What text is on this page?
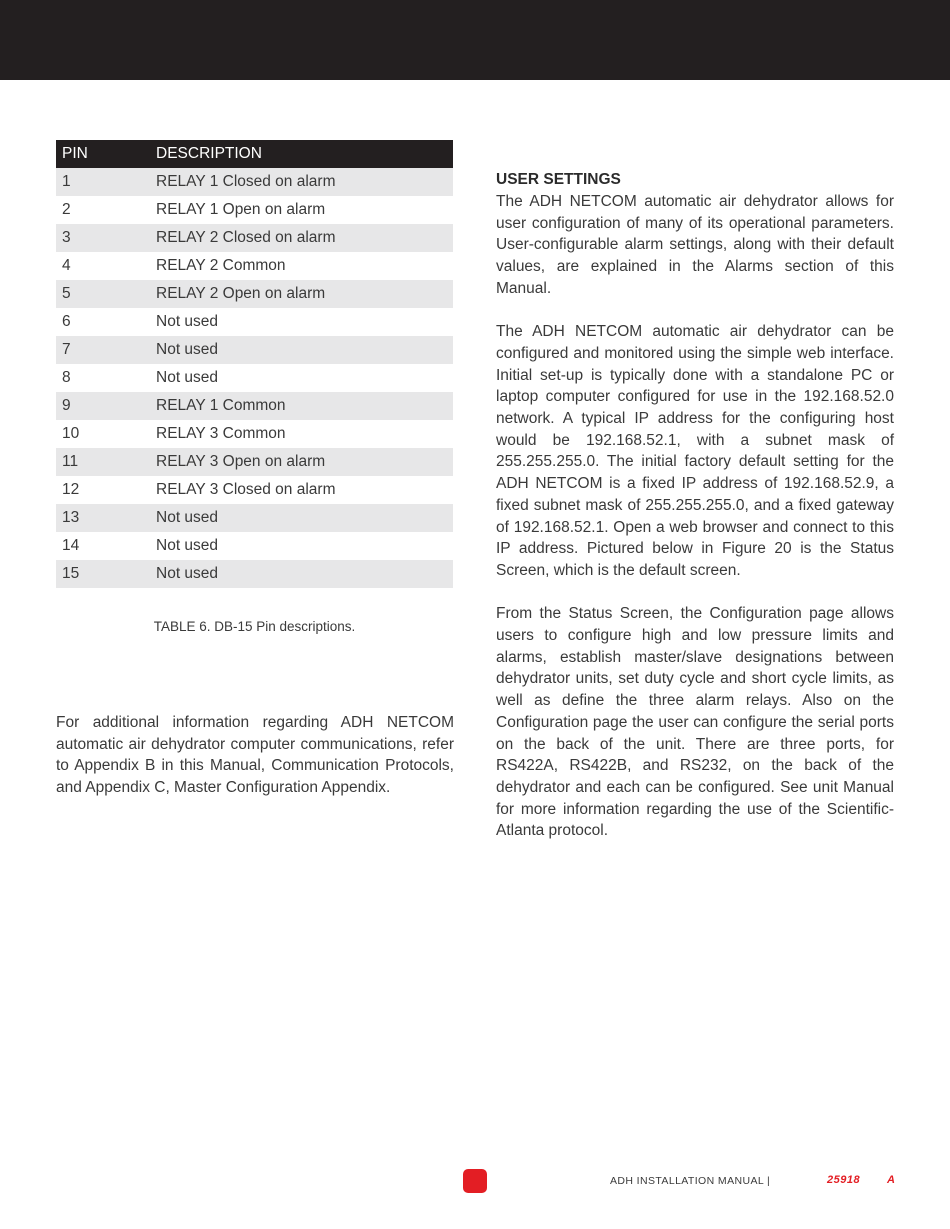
PIN	DESCRIPTION
1	RELAY 1 Closed on alarm
2	RELAY 1 Open on alarm
3	RELAY 2 Closed on alarm
4	RELAY 2 Common
5	RELAY 2 Open on alarm
6	Not used
7	Not used
8	Not used
9	RELAY 1 Common
10	RELAY 3 Common
11	RELAY 3 Open on alarm
12	RELAY 3 Closed on alarm
13	Not used
14	Not used
15	Not used
TABLE 6. DB-15 Pin descriptions.

For additional information regarding ADH NETCOM automatic air dehydrator computer communications, refer to Appendix B in this Manual, Communication Protocols, and Appendix C, Master Configuration Appendix.

USER SETTINGS

The ADH NETCOM automatic air dehydrator allows for user configuration of many of its operational parameters. User-configurable alarm settings, along with their default values, are explained in the Alarms section of this Manual.

The ADH NETCOM automatic air dehydrator can be configured and monitored using the simple web interface. Initial set-up is typically done with a standalone PC or laptop computer configured for use in the 192.168.52.0 network. A typical IP address for the configuring host would be 192.168.52.1, with a subnet mask of 255.255.255.0. The initial factory default setting for the ADH NETCOM is a fixed IP address of 192.168.52.9, a fixed subnet mask of 255.255.255.0, and a fixed gateway of 192.168.52.1. Open a web browser and connect to this IP address. Pictured below in Figure 20 is the Status Screen, which is the default screen.

From the Status Screen, the Configuration page allows users to configure high and low pressure limits and alarms, establish master/slave designations between dehydrator units, set duty cycle and short cycle limits, as well as define the three alarm relays. Also on the Configuration page the user can configure the serial ports on the back of the unit. There are three ports, for RS422A, RS422B, and RS232, on the back of the dehydrator and each can be configured. See unit Manual for more information regarding the use of the Scientific-Atlanta protocol.

ADH INSTALLATION MANUAL |	25918 A
